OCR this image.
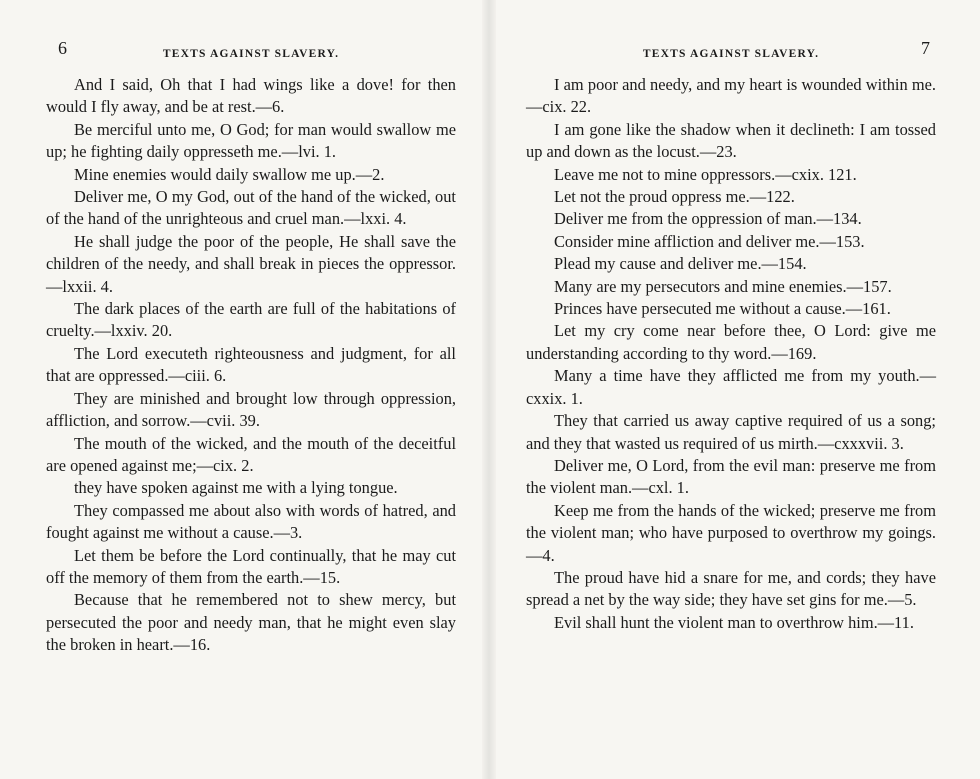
6	TEXTS AGAINST SLAVERY.

And I said, Oh that I had wings like a dove! for then would I fly away, and be at rest.—6.

Be merciful unto me, O God; for man would swallow me up; he fighting daily oppresseth me.—lvi. 1.

Mine enemies would daily swallow me up.—2.

Deliver me, O my God, out of the hand of the wicked, out of the hand of the unrighteous and cruel man.—lxxi. 4.

He shall judge the poor of the people, He shall save the children of the needy, and shall break in pieces the oppressor.—lxxii. 4.

The dark places of the earth are full of the habitations of cruelty.—lxxiv. 20.

The Lord executeth righteousness and judgment, for all that are oppressed.—ciii. 6.

They are minished and brought low through oppression, affliction, and sorrow.—cvii. 39.

The mouth of the wicked, and the mouth of the deceitful are opened against me;—cix. 2.

they have spoken against me with a lying tongue.

They compassed me about also with words of hatred, and fought against me without a cause.—3.

Let them be before the Lord continually, that he may cut off the memory of them from the earth.—15.

Because that he remembered not to shew mercy, but persecuted the poor and needy man, that he might even slay the broken in heart.—16.

TEXTS AGAINST SLAVERY.	7

I am poor and needy, and my heart is wounded within me.—cix. 22.

I am gone like the shadow when it declineth: I am tossed up and down as the locust.—23.

Leave me not to mine oppressors.—cxix. 121.

Let not the proud oppress me.—122.

Deliver me from the oppression of man.—134.

Consider mine affliction and deliver me.—153.

Plead my cause and deliver me.—154.

Many are my persecutors and mine enemies.—157.

Princes have persecuted me without a cause.—161.

Let my cry come near before thee, O Lord: give me understanding according to thy word.—169.

Many a time have they afflicted me from my youth.—cxxix. 1.

They that carried us away captive required of us a song; and they that wasted us required of us mirth.—cxxxvii. 3.

Deliver me, O Lord, from the evil man: preserve me from the violent man.—cxl. 1.

Keep me from the hands of the wicked; preserve me from the violent man; who have purposed to overthrow my goings.—4.

The proud have hid a snare for me, and cords; they have spread a net by the way side; they have set gins for me.—5.

Evil shall hunt the violent man to overthrow him.—11.
